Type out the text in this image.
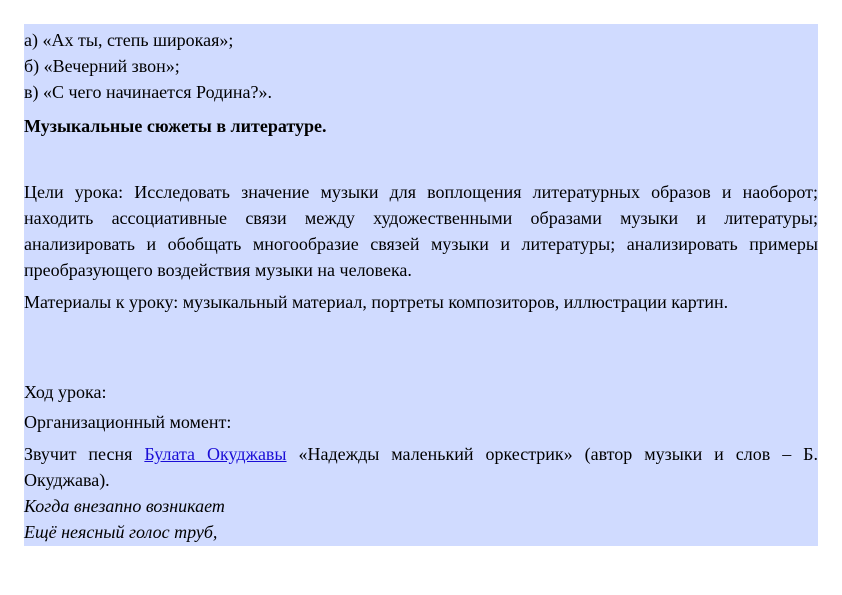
а) «Ах ты, степь широкая»;
б) «Вечерний звон»;
в) «С чего начинается Родина?».
Музыкальные сюжеты в литературе.
Цели урока: Исследовать значение музыки для воплощения литературных образов и наоборот; находить ассоциативные связи между художественными образами музыки и литературы; анализировать и обобщать многообразие связей музыки и литературы; анализировать примеры преобразующего воздействия музыки на человека.
Материалы к уроку: музыкальный материал, портреты композиторов, иллюстрации картин.
Ход урока:
Организационный момент:
Звучит песня Булата Окуджавы «Надежды маленький оркестрик» (автор музыки и слов – Б. Окуджава).
Когда внезапно возникает
Ещё неясный голос труб,
